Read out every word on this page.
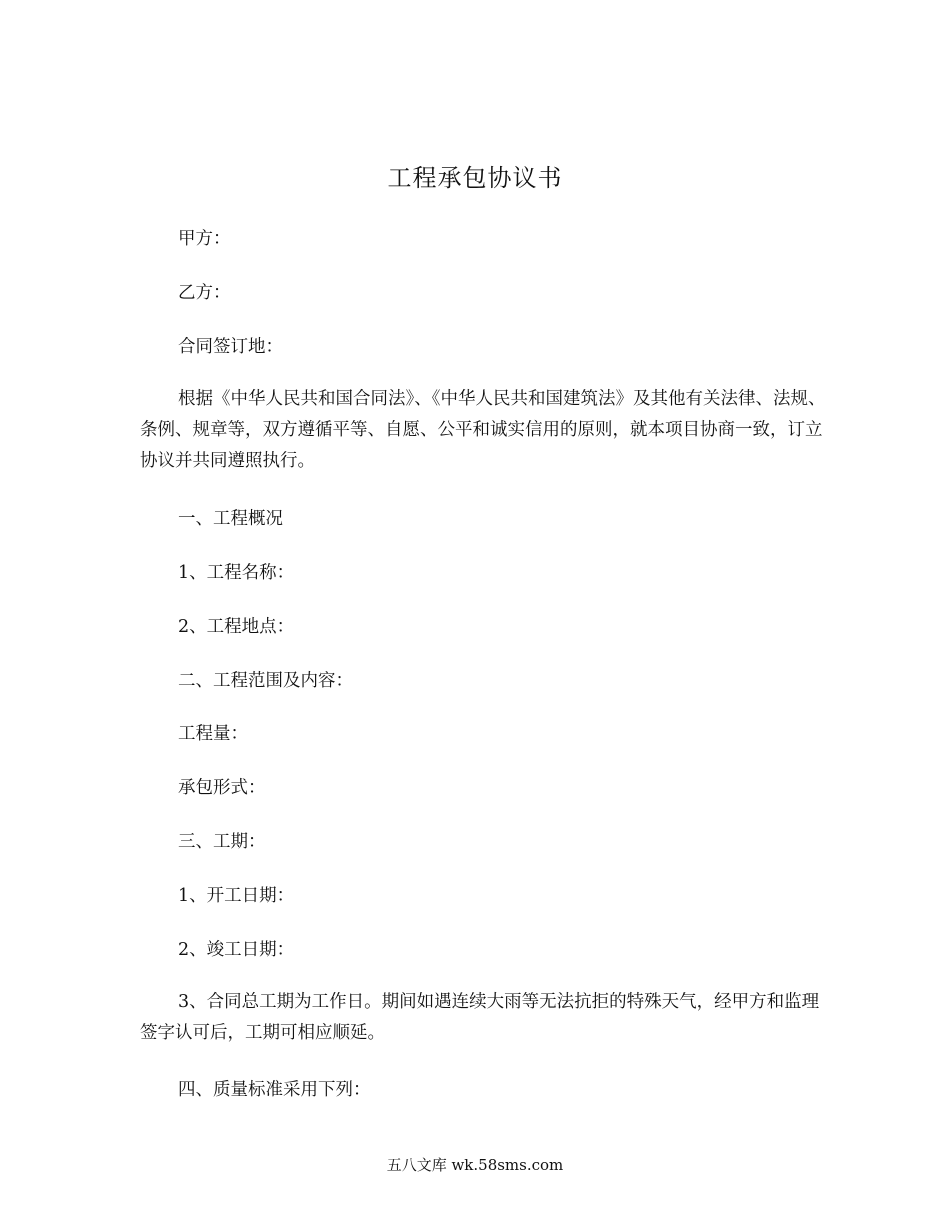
工程承包协议书
甲方：
乙方：
合同签订地：
根据《中华人民共和国合同法》、《中华人民共和国建筑法》及其他有关法律、法规、条例、规章等，双方遵循平等、自愿、公平和诚实信用的原则，就本项目协商一致，订立协议并共同遵照执行。
一、工程概况
1、工程名称：
2、工程地点：
二、工程范围及内容：
工程量：
承包形式：
三、工期：
1、开工日期：
2、竣工日期：
3、合同总工期为工作日。期间如遇连续大雨等无法抗拒的特殊天气，经甲方和监理签字认可后，工期可相应顺延。
四、质量标准采用下列：
五八文库 wk.58sms.com
